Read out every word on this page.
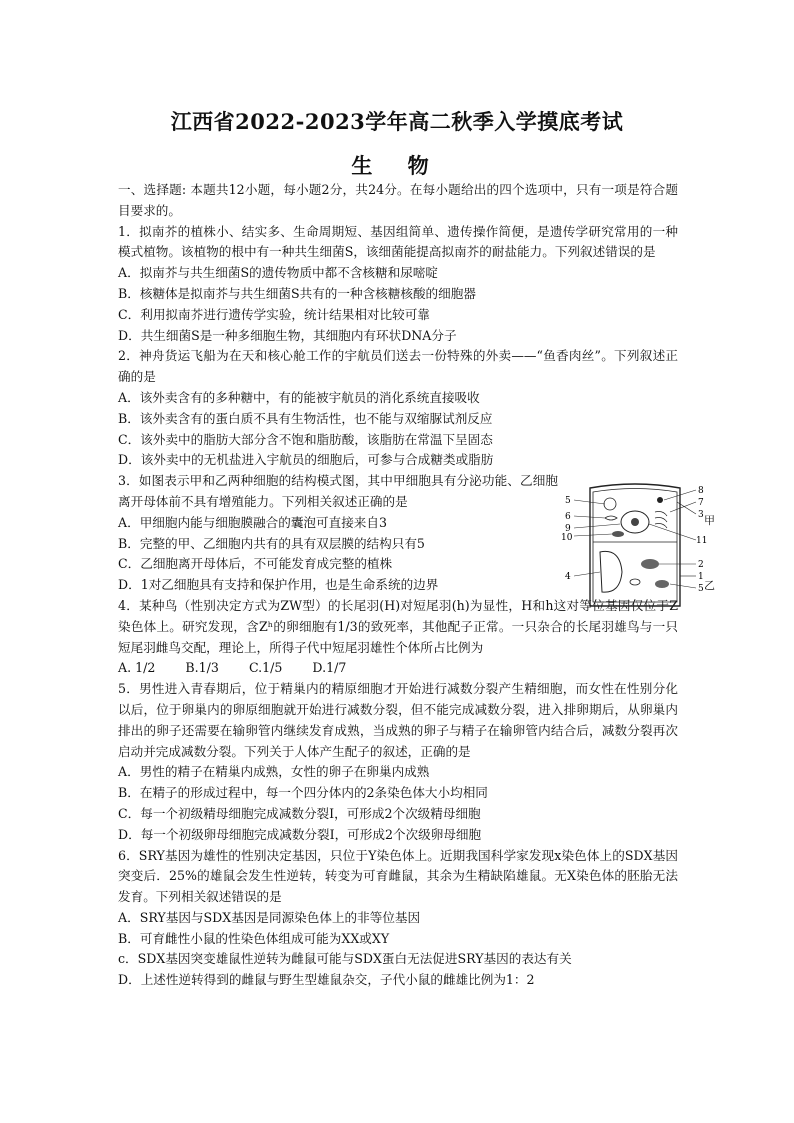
江西省2022-2023学年高二秋季入学摸底考试
生 物

一、选择题: 本题共12小题，每小题2分，共24分。在每小题给出的四个选项中，只有一项是符合题目要求的。

1．拟南芥的植株小、结实多、生命周期短、基因组简单、遗传操作简便，是遗传学研究常用的一种模式植物。该植物的根中有一种共生细菌S，该细菌能提高拟南芥的耐盐能力。下列叙述错误的是

A．拟南芥与共生细菌S的遗传物质中都不含核糖和尿嘧啶

B．核糖体是拟南芥与共生细菌S共有的一种含核糖核酸的细胞器

C．利用拟南芥进行遗传学实验，统计结果相对比较可靠

D．共生细菌S是一种多细胞生物，其细胞内有环状DNA分子

2．神舟货运飞船为在天和核心舱工作的宇航员们送去一份特殊的外卖——“鱼香肉丝”。下列叙述正确的是

A．该外卖含有的多种糖中，有的能被宇航员的消化系统直接吸收

B．该外卖含有的蛋白质不具有生物活性，也不能与双缩脲试剂反应

C．该外卖中的脂肪大部分含不饱和脂肪酸，该脂肪在常温下呈固态

D．该外卖中的无机盐进入宇航员的细胞后，可参与合成糖类或脂肪

3．如图表示甲和乙两种细胞的结构模式图，其中甲细胞具有分泌功能、乙细胞离开母体前不具有增殖能力。下列相关叙述正确的是

A．甲细胞内能与细胞膜融合的囊泡可直接来自3

B．完整的甲、乙细胞内共有的具有双层膜的结构只有5

C．乙细胞离开母体后，不可能发育成完整的植株

D．1对乙细胞具有支持和保护作用，也是生命系统的边界

4．某种鸟（性别决定方式为ZW型）的长尾羽(H)对短尾羽(h)为显性，H和h这对等位基因仅位于Z染色体上。研究发现，含Zʰ的卵细胞有1/3的致死率，其他配子正常。一只杂合的长尾羽雄鸟与一只短尾羽雌鸟交配，理论上，所得子代中短尾羽雄性个体所占比例为

A. 1/2 B.1/3 C.1/5 D.1/7

5．男性进入青春期后，位于精巢内的精原细胞才开始进行减数分裂产生精细胞，而女性在性别分化以后，位于卵巢内的卵原细胞就开始进行减数分裂，但不能完成减数分裂，进入排卵期后，从卵巢内排出的卵子还需要在输卵管内继续发育成熟，当成熟的卵子与精子在输卵管内结合后，减数分裂再次启动并完成减数分裂。下列关于人体产生配子的叙述，正确的是

A．男性的精子在精巢内成熟，女性的卵子在卵巢内成熟

B．在精子的形成过程中，每一个四分体内的2条染色体大小均相同

C．每一个初级精母细胞完成减数分裂Ⅰ，可形成2个次级精母细胞

D．每一个初级卵母细胞完成减数分裂Ⅰ，可形成2个次级卵母细胞

6．SRY基因为雄性的性别决定基因，只位于Y染色体上。近期我国科学家发现x染色体上的SDX基因突变后．25%的雄鼠会发生性逆转，转变为可育雌鼠，其余为生精缺陷雄鼠。无X染色体的胚胎无法发育。下列相关叙述错误的是

A．SRY基因与SDX基因是同源染色体上的非等位基因

B．可育雌性小鼠的性染色体组成可能为XX或XY

c．SDX基因突变雄鼠性逆转为雌鼠可能与SDX蛋白无法促进SRY基因的表达有关

D．上述性逆转得到的雌鼠与野生型雄鼠杂交，子代小鼠的雌雄比例为1：2

5
6
9
10
4
8
7
3
11
2
1
5
甲
乙
